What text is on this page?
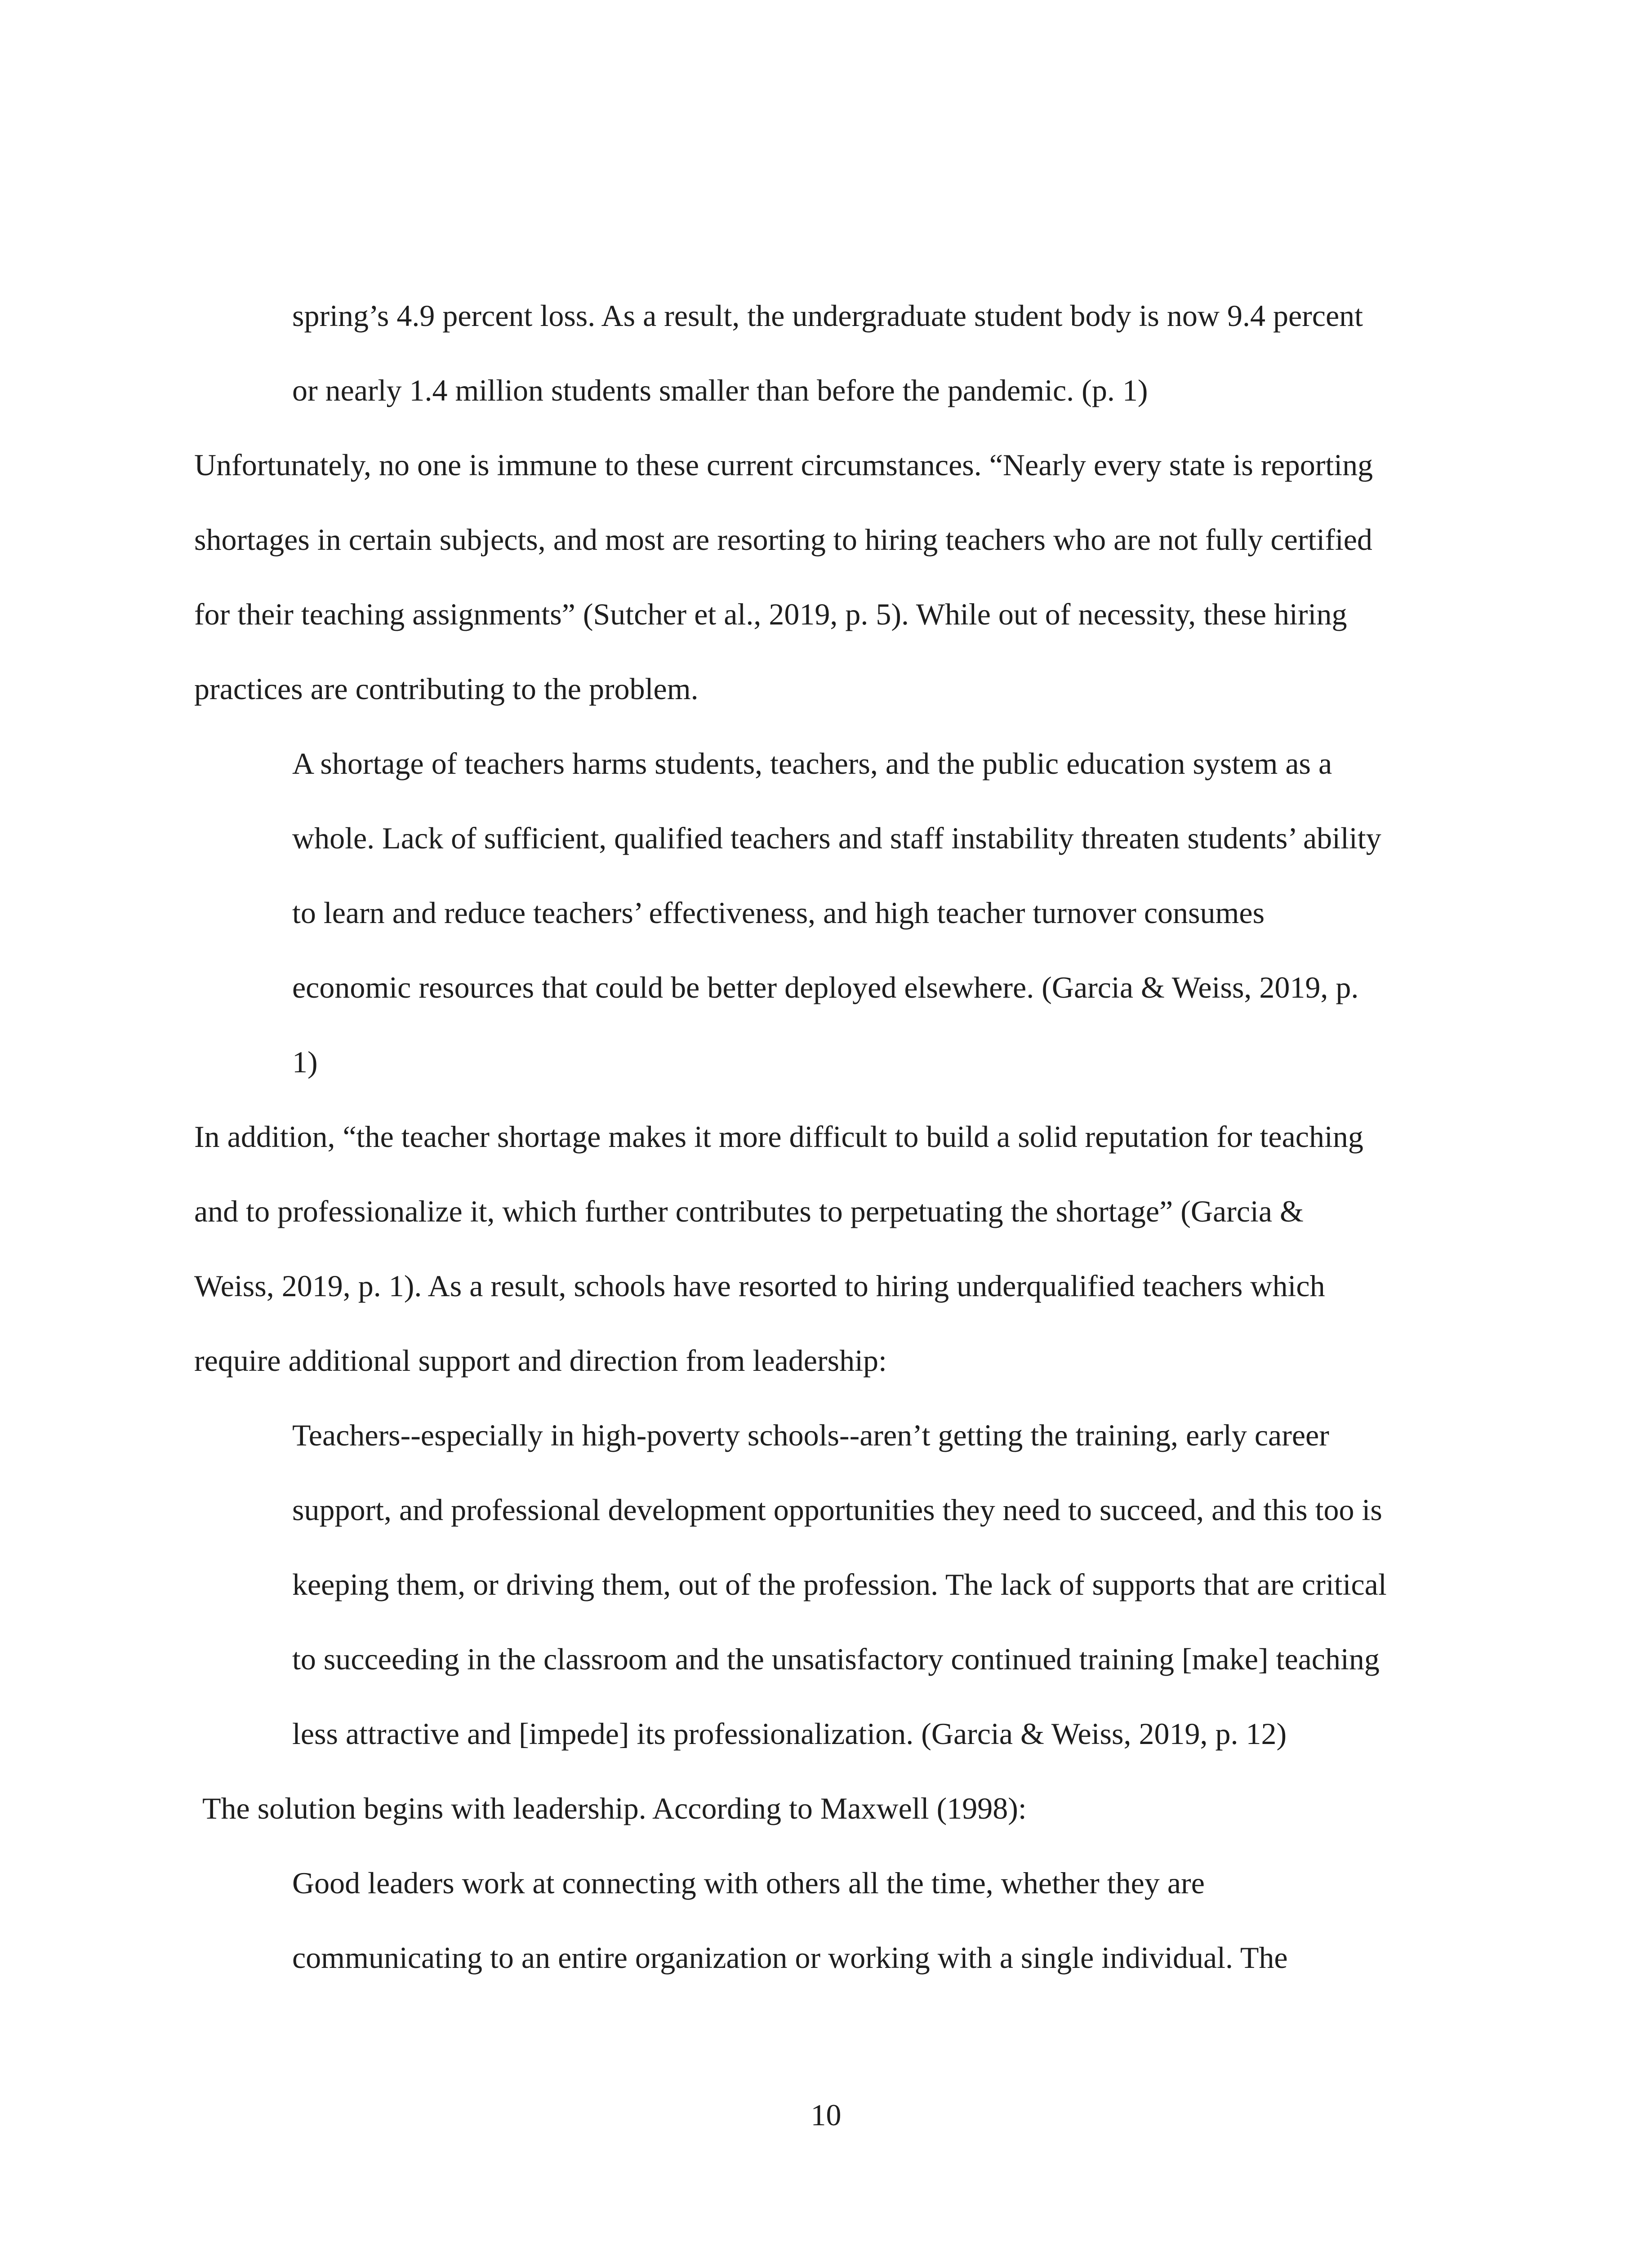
spring’s 4.9 percent loss. As a result, the undergraduate student body is now 9.4 percent

or nearly 1.4 million students smaller than before the pandemic. (p. 1)

Unfortunately, no one is immune to these current circumstances. “Nearly every state is reporting

shortages in certain subjects, and most are resorting to hiring teachers who are not fully certified

for their teaching assignments” (Sutcher et al., 2019, p. 5). While out of necessity, these hiring

practices are contributing to the problem.

A shortage of teachers harms students, teachers, and the public education system as a

whole. Lack of sufficient, qualified teachers and staff instability threaten students’ ability

to learn and reduce teachers’ effectiveness, and high teacher turnover consumes

economic resources that could be better deployed elsewhere. (Garcia & Weiss, 2019, p.

1)

In addition, “the teacher shortage makes it more difficult to build a solid reputation for teaching

and to professionalize it, which further contributes to perpetuating the shortage” (Garcia &

Weiss, 2019, p. 1). As a result, schools have resorted to hiring underqualified teachers which

require additional support and direction from leadership:

Teachers--especially in high-poverty schools--aren’t getting the training, early career

support, and professional development opportunities they need to succeed, and this too is

keeping them, or driving them, out of the profession. The lack of supports that are critical

to succeeding in the classroom and the unsatisfactory continued training [make] teaching

less attractive and [impede] its professionalization. (Garcia & Weiss, 2019, p. 12)

The solution begins with leadership. According to Maxwell (1998):

Good leaders work at connecting with others all the time, whether they are

communicating to an entire organization or working with a single individual. The

10
